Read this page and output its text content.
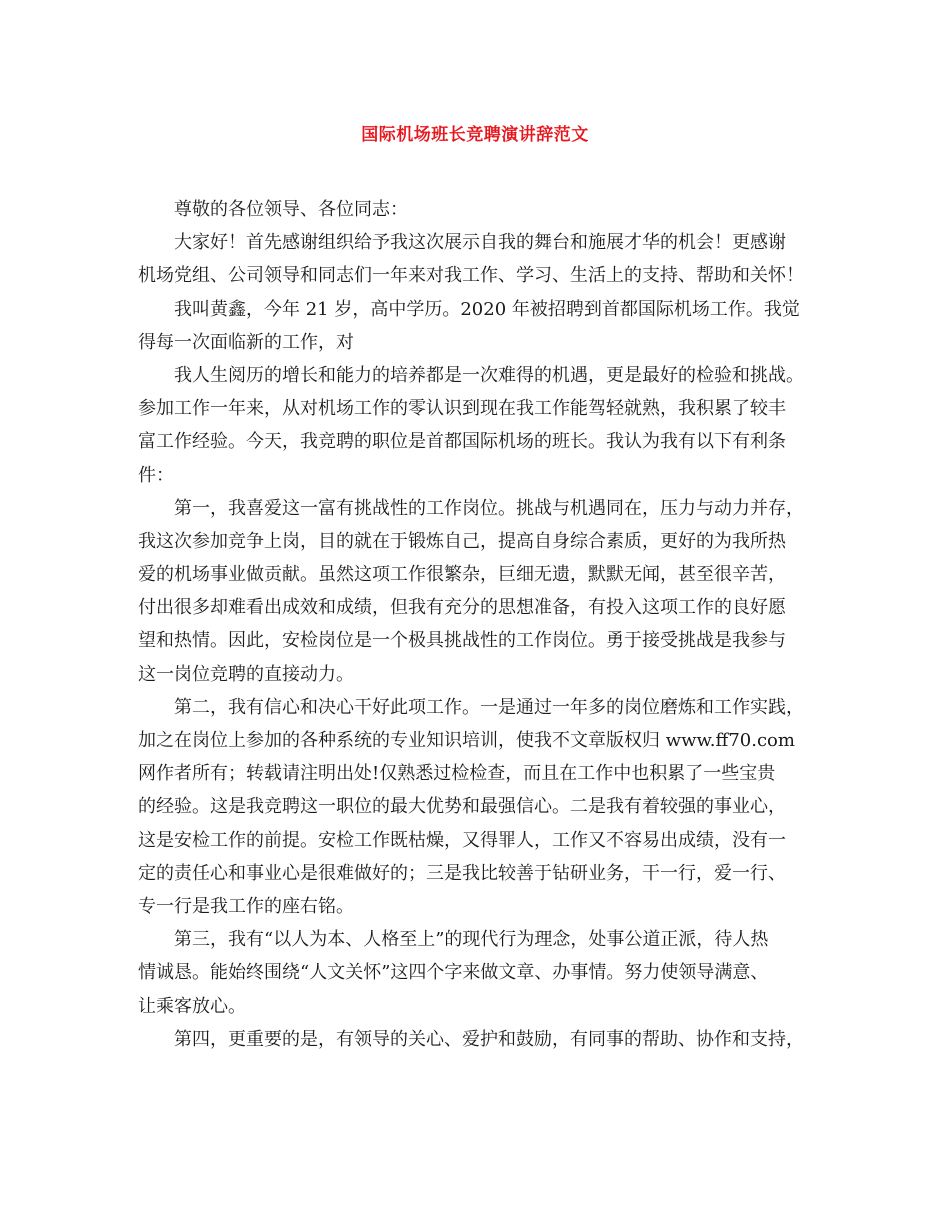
国际机场班长竞聘演讲辞范文
尊敬的各位领导、各位同志：
大家好！首先感谢组织给予我这次展示自我的舞台和施展才华的机会！更感谢
机场党组、公司领导和同志们一年来对我工作、学习、生活上的支持、帮助和关怀！
我叫黄鑫，今年 21 岁，高中学历。2020 年被招聘到首都国际机场工作。我觉
得每一次面临新的工作，对
我人生阅历的增长和能力的培养都是一次难得的机遇，更是最好的检验和挑战。
参加工作一年来，从对机场工作的零认识到现在我工作能驾轻就熟，我积累了较丰
富工作经验。今天，我竞聘的职位是首都国际机场的班长。我认为我有以下有利条
件：
第一，我喜爱这一富有挑战性的工作岗位。挑战与机遇同在，压力与动力并存，
我这次参加竞争上岗，目的就在于锻炼自己，提高自身综合素质，更好的为我所热
爱的机场事业做贡献。虽然这项工作很繁杂，巨细无遗，默默无闻，甚至很辛苦，
付出很多却难看出成效和成绩，但我有充分的思想准备，有投入这项工作的良好愿
望和热情。因此，安检岗位是一个极具挑战性的工作岗位。勇于接受挑战是我参与
这一岗位竞聘的直接动力。
第二，我有信心和决心干好此项工作。一是通过一年多的岗位磨炼和工作实践，
加之在岗位上参加的各种系统的专业知识培训，使我不文章版权归 www.ff70.com
网作者所有；转载请注明出处!仅熟悉过检检查，而且在工作中也积累了一些宝贵
的经验。这是我竞聘这一职位的最大优势和最强信心。二是我有着较强的事业心，
这是安检工作的前提。安检工作既枯燥，又得罪人，工作又不容易出成绩，没有一
定的责任心和事业心是很难做好的；三是我比较善于钻研业务，干一行，爱一行、
专一行是我工作的座右铭。
第三，我有“以人为本、人格至上”的现代行为理念，处事公道正派，待人热
情诚恳。能始终围绕“人文关怀”这四个字来做文章、办事情。努力使领导满意、
让乘客放心。
第四，更重要的是，有领导的关心、爱护和鼓励，有同事的帮助、协作和支持，
